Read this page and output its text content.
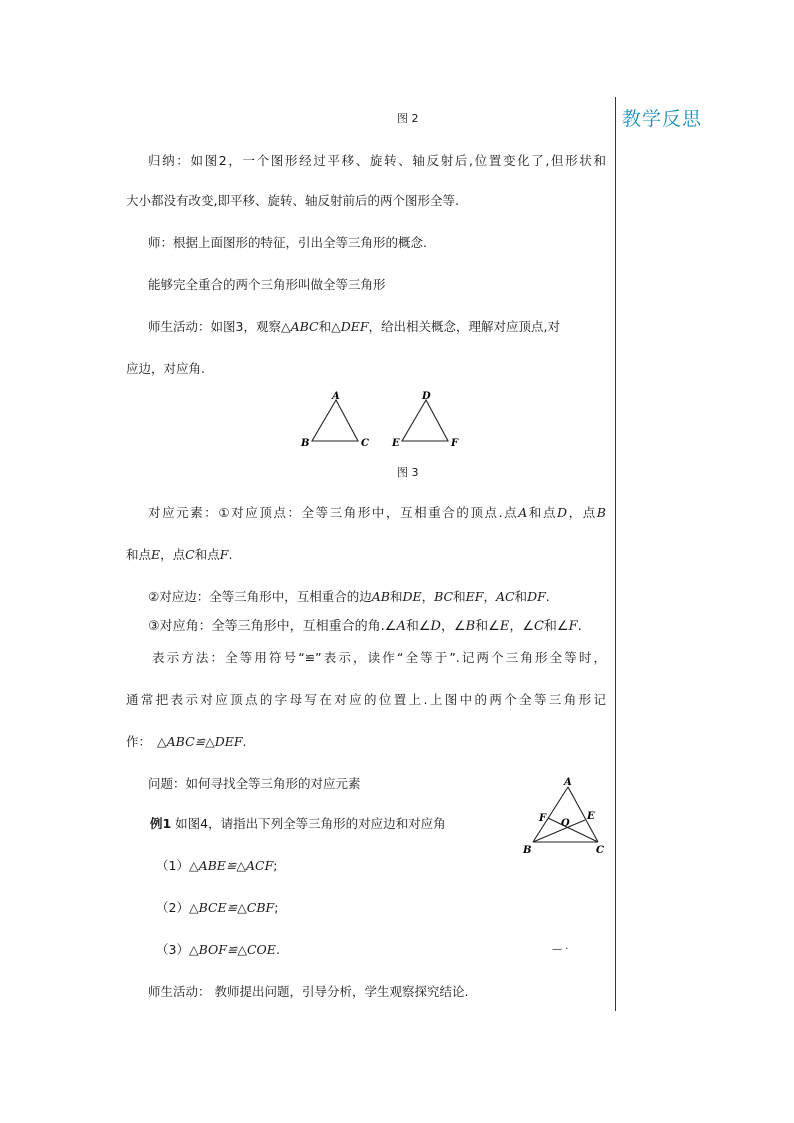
教学反思
图 2
归纳：如图2，一个图形经过平移、旋转、轴反射后,位置变化了,但形状和
大小都没有改变,即平移、旋转、轴反射前后的两个图形全等.
师：根据上面图形的特征，引出全等三角形的概念.
能够完全重合的两个三角形叫做全等三角形
师生活动：如图3，观察△ABC和△DEF，给出相关概念，理解对应顶点,对
应边，对应角.
A
B	C
D
E	F
图 3
对应元素：①对应顶点：全等三角形中，互相重合的顶点.点A和点D，点B
和点E，点C和点F.
②对应边：全等三角形中，互相重合的边AB和DE，BC和EF，AC和DF.
③对应角：全等三角形中，互相重合的角.∠A和∠D，∠B和∠E，∠C和∠F.
表示方法：全等用符号“≌”表示，读作“全等于”.记两个三角形全等时，
通常把表示对应顶点的字母写在对应的位置上.上图中的两个全等三角形记
作： △ABC≌△DEF.
问题：如何寻找全等三角形的对应元素
例1 如图4，请指出下列全等三角形的对应边和对应角
A
B	C
E
F O
（1）△ABE≌△ACF;
（2）△BCE≌△CBF;
（3）△BOF≌△COE.	— ·
师生活动： 教师提出问题，引导分析，学生观察探究结论.
